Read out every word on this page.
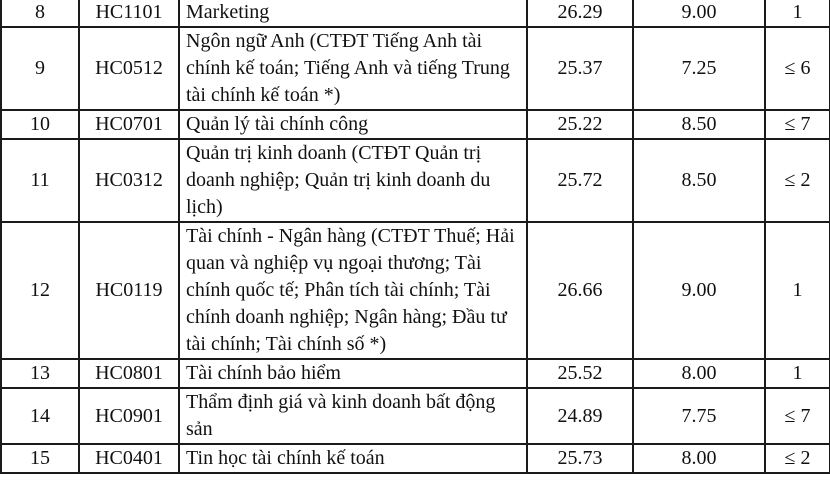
8	HC1101	Marketing	26.29	9.00	1
9	HC0512	Ngôn ngữ Anh (CTĐT Tiếng Anh tài chính kế toán; Tiếng Anh và tiếng Trung tài chính kế toán *)	25.37	7.25	≤ 6
10	HC0701	Quản lý tài chính công	25.22	8.50	≤ 7
11	HC0312	Quản trị kinh doanh (CTĐT Quản trị doanh nghiệp; Quản trị kinh doanh du lịch)	25.72	8.50	≤ 2
12	HC0119	Tài chính - Ngân hàng (CTĐT Thuế; Hải quan và nghiệp vụ ngoại thương; Tài chính quốc tế; Phân tích tài chính; Tài chính doanh nghiệp; Ngân hàng; Đầu tư tài chính; Tài chính số *)	26.66	9.00	1
13	HC0801	Tài chính bảo hiểm	25.52	8.00	1
14	HC0901	Thẩm định giá và kinh doanh bất động sản	24.89	7.75	≤ 7
15	HC0401	Tin học tài chính kế toán	25.73	8.00	≤ 2
